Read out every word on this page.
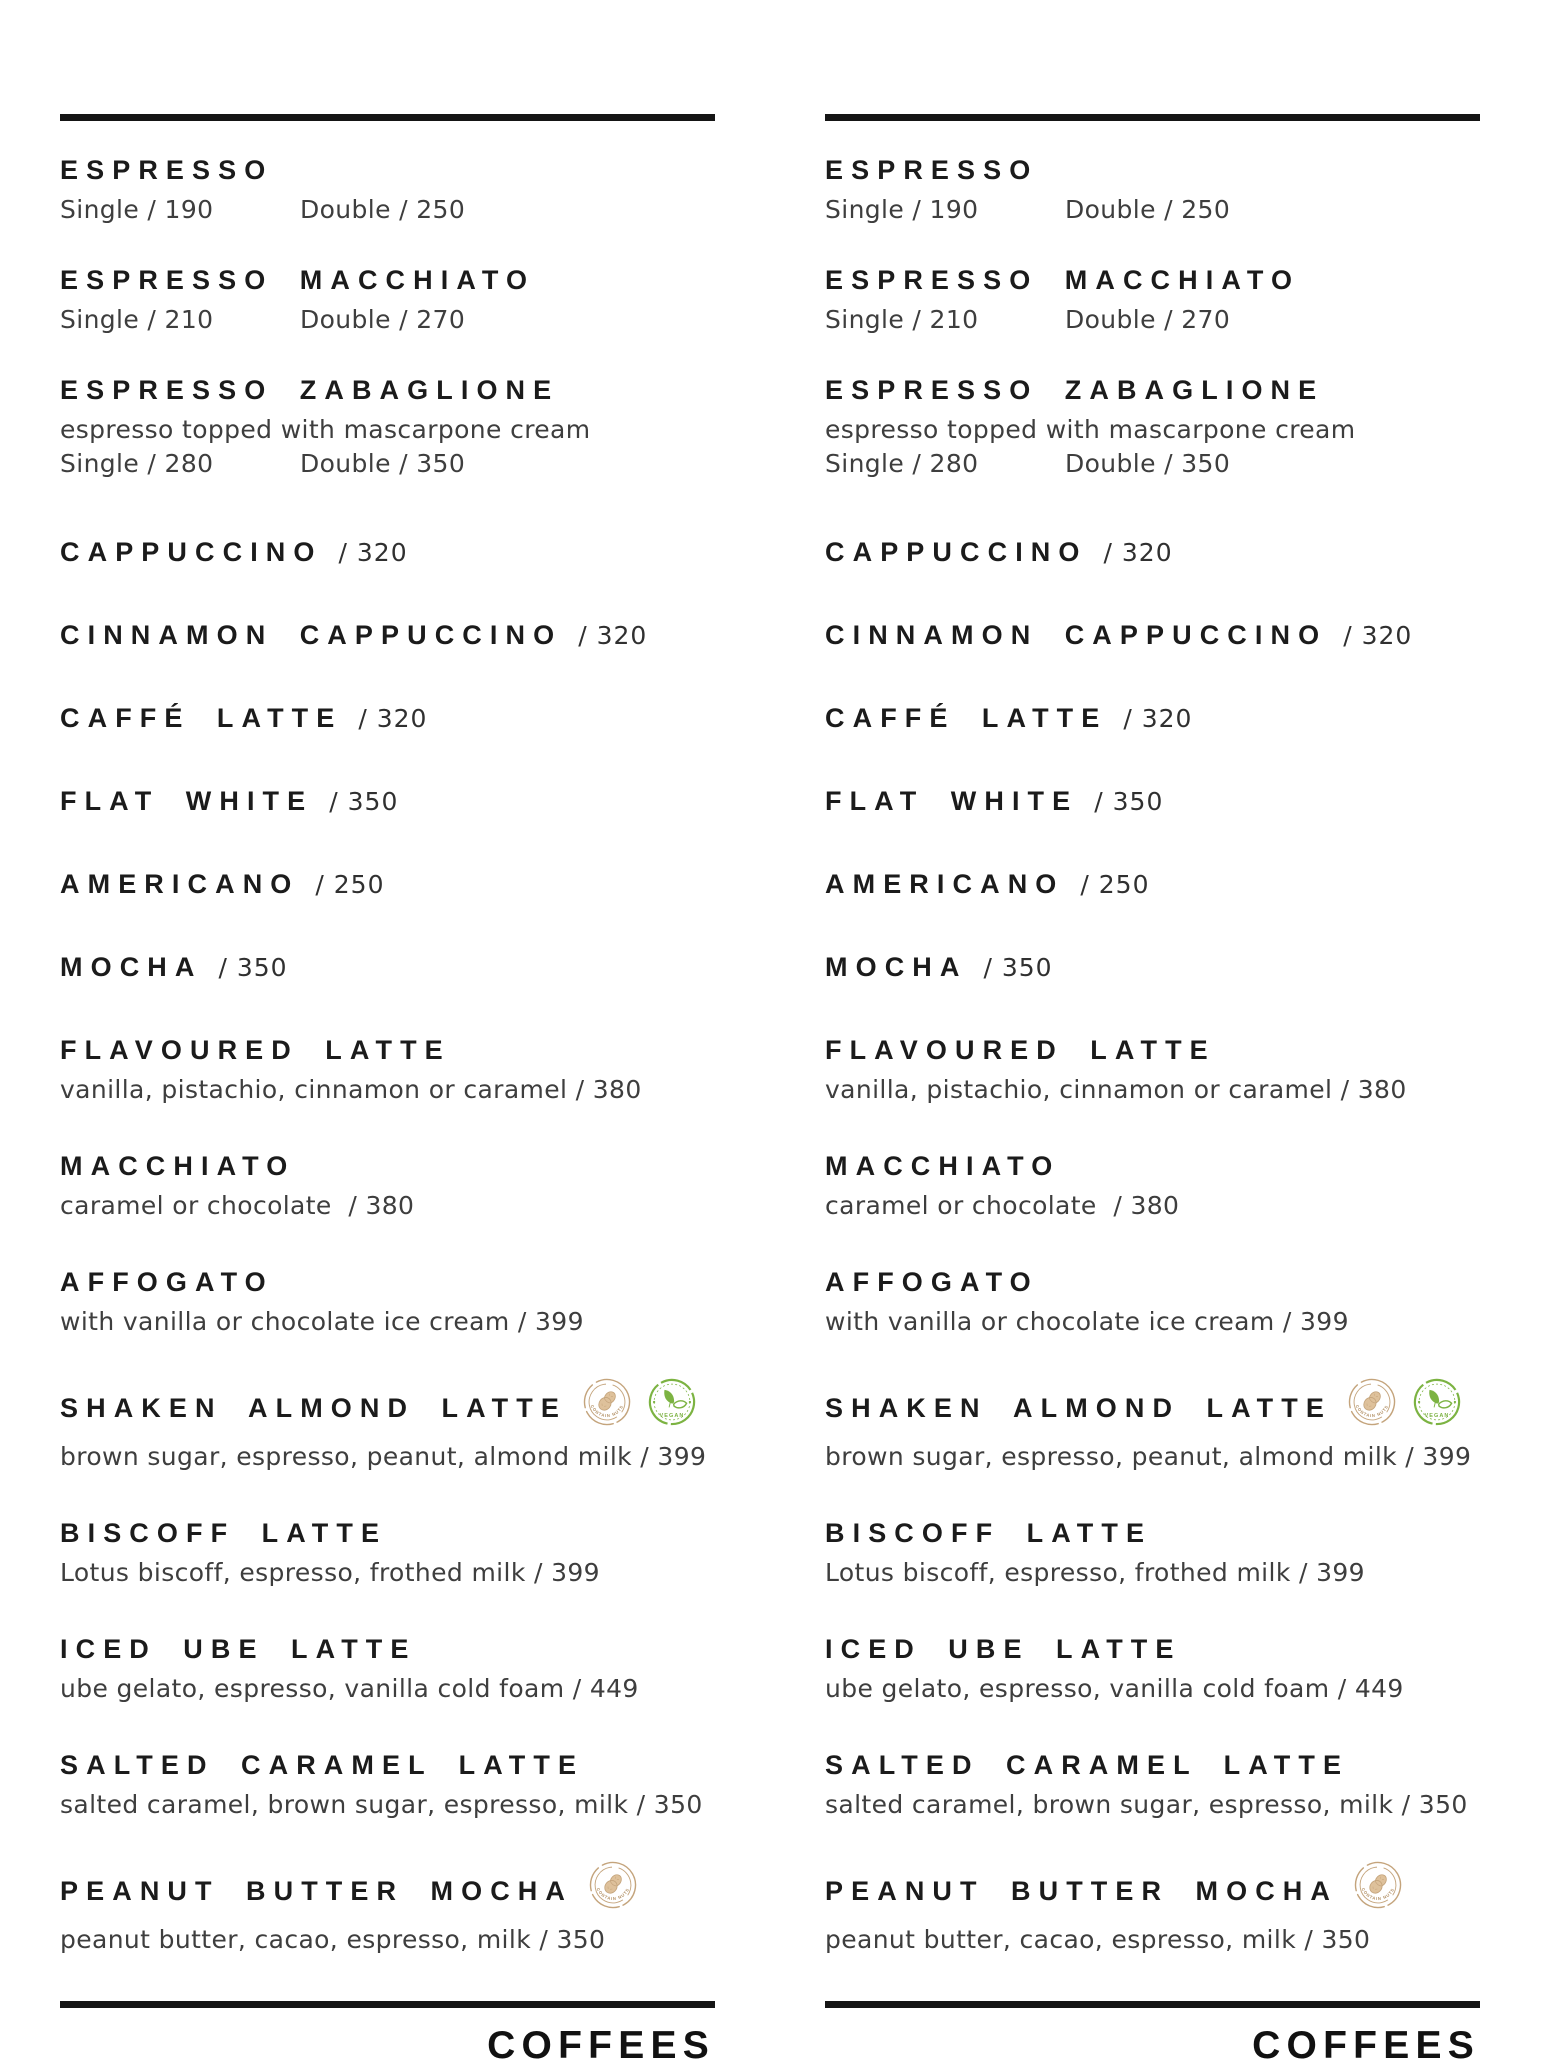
ESPRESSO
Single / 190	Double / 250
ESPRESSO MACCHIATO
Single / 210	Double / 270
ESPRESSO ZABAGLIONE
espresso topped with mascarpone cream
Single / 280	Double / 350
CAPPUCCINO / 320
CINNAMON CAPPUCCINO / 320
CAFFÉ LATTE / 320
FLAT WHITE / 350
AMERICANO / 250
MOCHA / 350
FLAVOURED LATTE
vanilla, pistachio, cinnamon or caramel / 380
MACCHIATO
caramel or chocolate  / 380
AFFOGATO
with vanilla or chocolate ice cream / 399
SHAKEN ALMOND LATTE	CONTAIN NUTS
VEGAN
brown sugar, espresso, peanut, almond milk / 399
BISCOFF LATTE
Lotus biscoff, espresso, frothed milk / 399
ICED UBE LATTE
ube gelato, espresso, vanilla cold foam / 449
SALTED CARAMEL LATTE
salted caramel, brown sugar, espresso, milk / 350
PEANUT BUTTER MOCHA	CONTAIN NUTS
peanut butter, cacao, espresso, milk / 350
COFFEES
ESPRESSO
Single / 190	Double / 250
ESPRESSO MACCHIATO
Single / 210	Double / 270
ESPRESSO ZABAGLIONE
espresso topped with mascarpone cream
Single / 280	Double / 350
CAPPUCCINO / 320
CINNAMON CAPPUCCINO / 320
CAFFÉ LATTE / 320
FLAT WHITE / 350
AMERICANO / 250
MOCHA / 350
FLAVOURED LATTE
vanilla, pistachio, cinnamon or caramel / 380
MACCHIATO
caramel or chocolate  / 380
AFFOGATO
with vanilla or chocolate ice cream / 399
SHAKEN ALMOND LATTE	CONTAIN NUTS
VEGAN
brown sugar, espresso, peanut, almond milk / 399
BISCOFF LATTE
Lotus biscoff, espresso, frothed milk / 399
ICED UBE LATTE
ube gelato, espresso, vanilla cold foam / 449
SALTED CARAMEL LATTE
salted caramel, brown sugar, espresso, milk / 350
PEANUT BUTTER MOCHA	CONTAIN NUTS
peanut butter, cacao, espresso, milk / 350
COFFEES
